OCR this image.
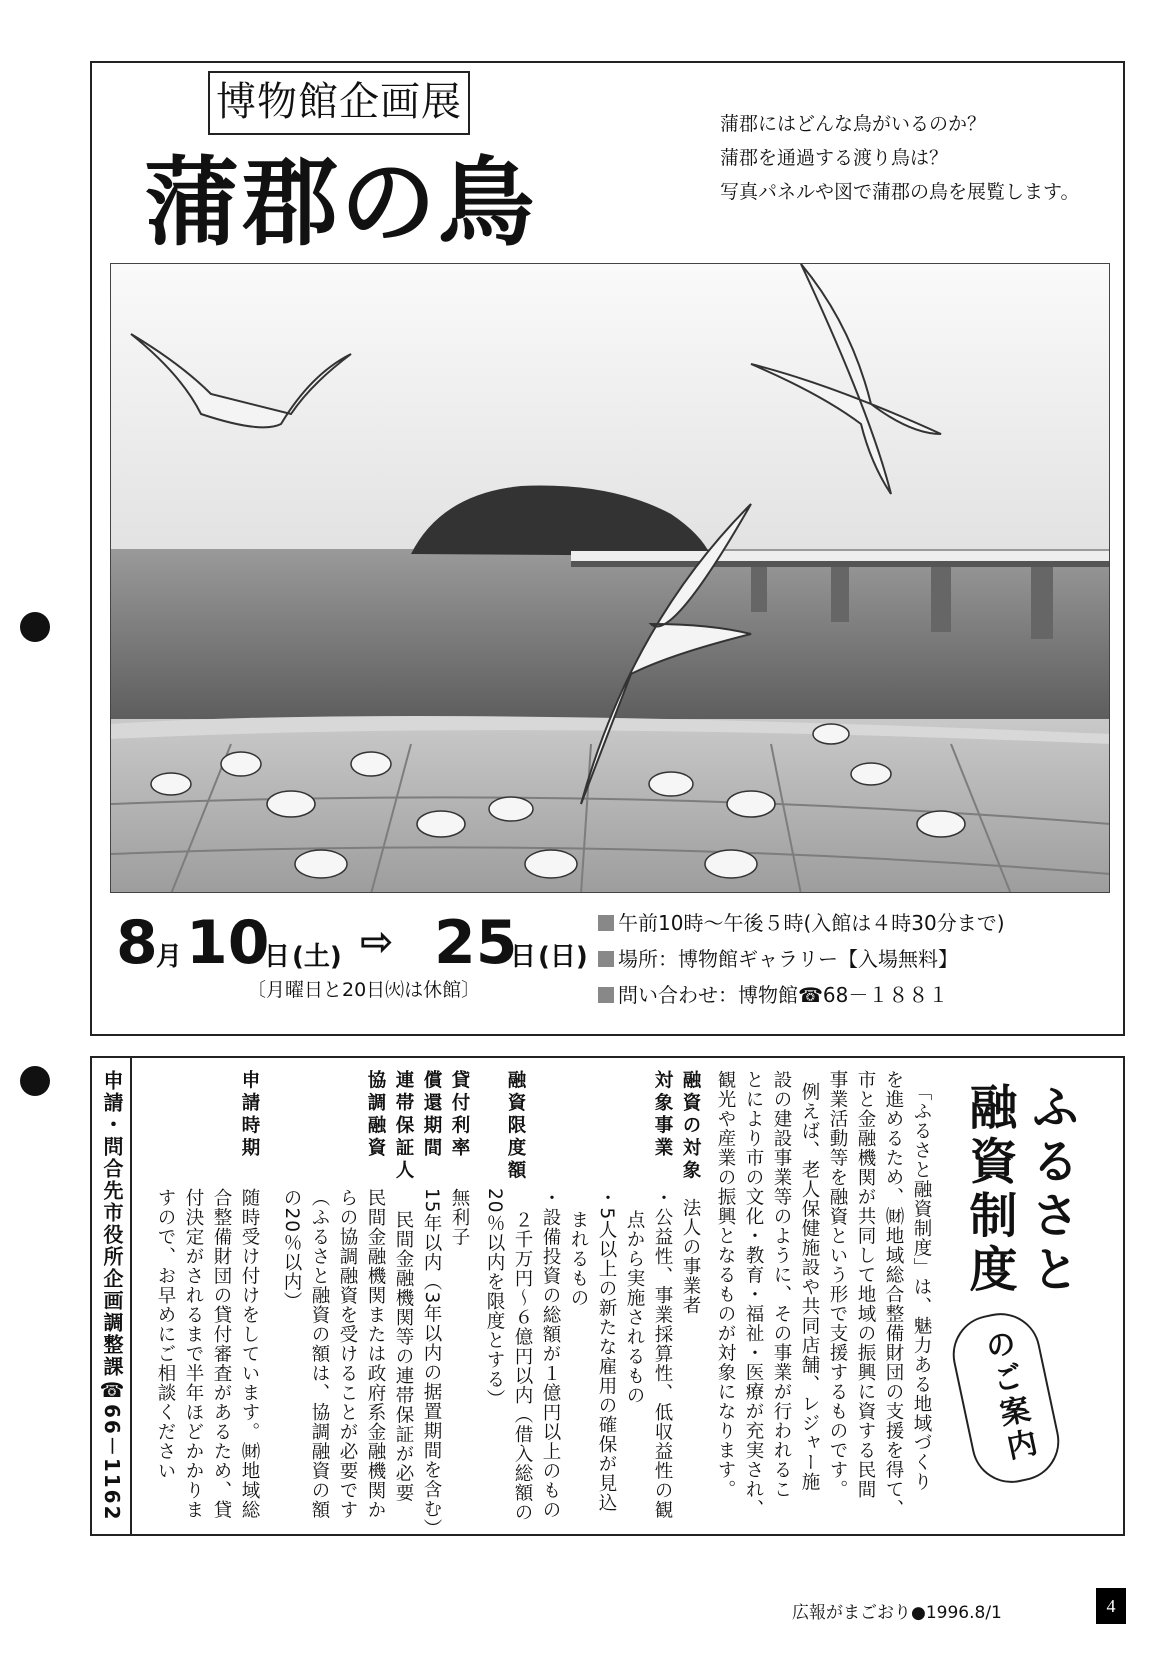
博物館企画展
蒲郡の鳥
蒲郡にはどんな鳥がいるのか？
蒲郡を通過する渡り鳥は？
写真パネルや図で蒲郡の鳥を展覧します。
8
月 10
日 (土) ⇨ 25
日 (日)
〔月曜日と20日㈫は休館〕
午前10時～午後５時(入館は４時30分まで)
場所：博物館ギャラリー【入場無料】
問い合わせ：博物館☎68－１８８１
申請・問合先市役所企画調整課☎66－1162	ふるさと
融資制度
のご案内
「ふるさと融資制度」は、魅力ある地域づくり
を進めるため、㈶地域総合整備財団の支援を得て、
市と金融機関が共同して地域の振興に資する民間
事業活動等を融資という形で支援するものです。
例えば、老人保健施設や共同店舗、レジャー施
設の建設事業等のように、その事業が行われるこ
とにより市の文化・教育・福祉・医療が充実され、
観光や産業の振興となるものが対象になります。
融資の対象
法人の事業者
対象事業
・公益性、事業採算性、低収益性の観
点から実施されるもの
・5人以上の新たな雇用の確保が見込
まれるもの
・設備投資の総額が１億円以上のもの
融資限度額
２千万円～６億円以内（借入総額の
20％以内を限度とする）
貸付利率
無利子
償還期間
15年以内（3年以内の据置期間を含む）
連帯保証人
民間金融機関等の連帯保証が必要
協調融資
民間金融機関または政府系金融機関か
らの協調融資を受けることが必要です
（ふるさと融資の額は、協調融資の額
の20％以内）
申請時期
随時受け付けをしています。㈶地域総
合整備財団の貸付審査があるため、貸
付決定がされるまで半年ほどかかりま
すので、お早めにご相談ください
広報がまごおり●1996.8/1	4
